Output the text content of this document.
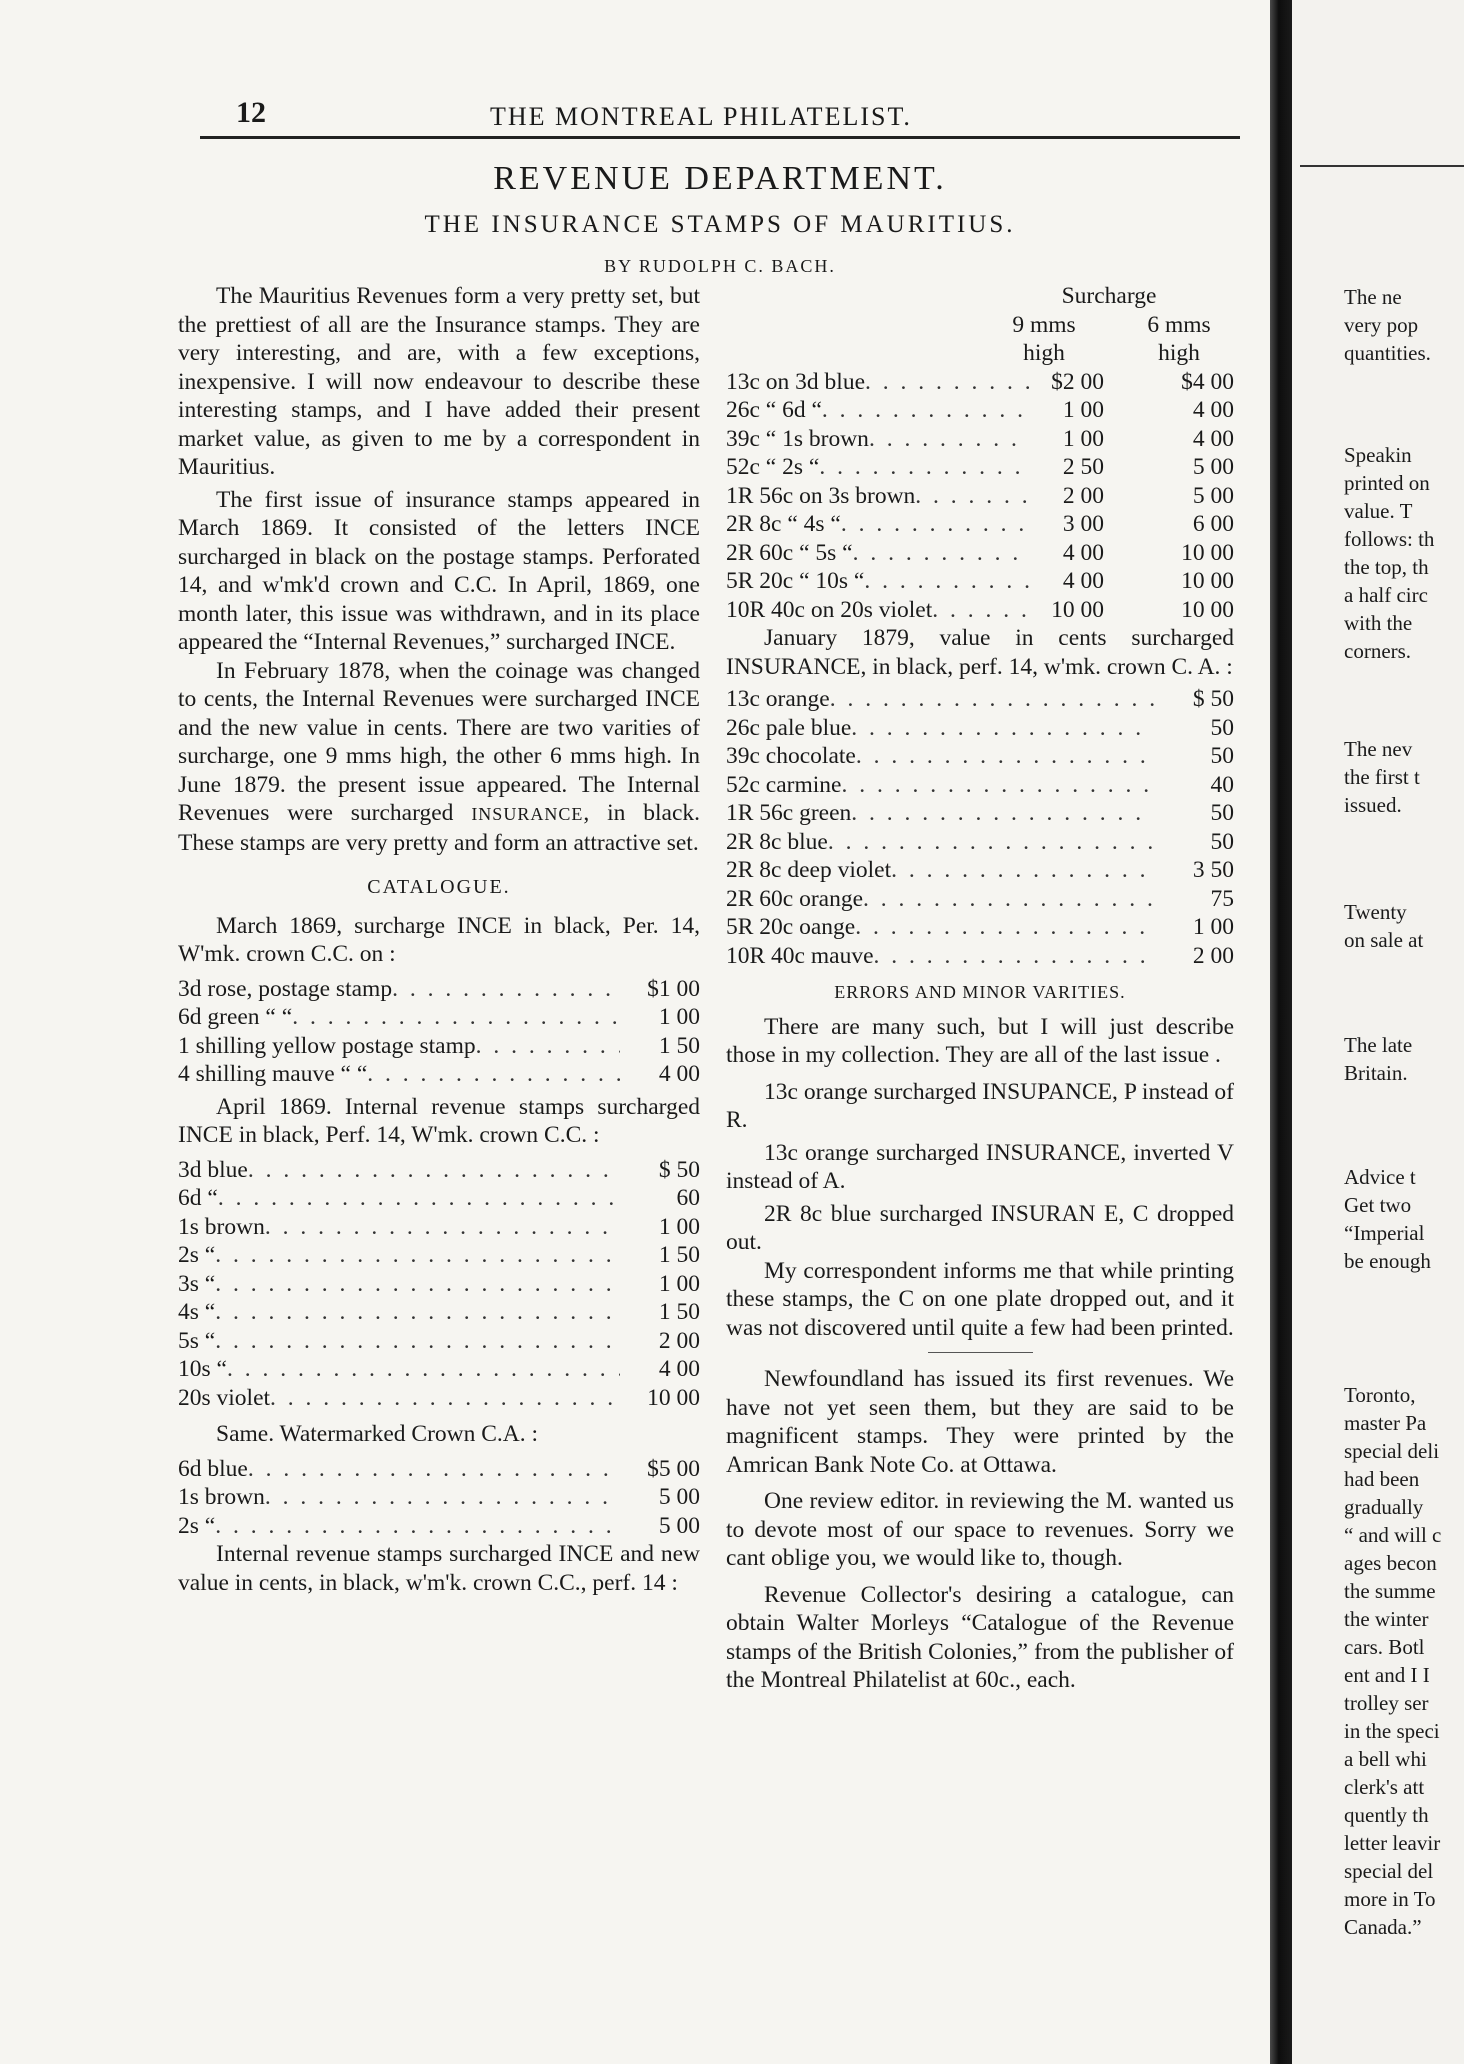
12	THE MONTREAL PHILATELIST.
REVENUE DEPARTMENT.
THE INSURANCE STAMPS OF MAURITIUS.
BY RUDOLPH C. BACH.

The Mauritius Revenues form a very pretty set, but the prettiest of all are the Insurance stamps. They are very interesting, and are, with a few exceptions, inexpensive. I will now endeavour to describe these interesting stamps, and I have added their present market value, as given to me by a correspondent in Mauritius.

The first issue of insurance stamps appeared in March 1869. It consisted of the letters INCE surcharged in black on the postage stamps. Perforated 14, and w'mk'd crown and C.C. In April, 1869, one month later, this issue was withdrawn, and in its place appeared the “Internal Revenues,” surcharged INCE.

In February 1878, when the coinage was changed to cents, the Internal Revenues were surcharged INCE and the new value in cents. There are two varities of surcharge, one 9 mms high, the other 6 mms high. In June 1879. the present issue appeared. The Internal Revenues were surcharged INSURANCE, in black. These stamps are very pretty and form an attractive set.

CATALOGUE.

March 1869, surcharge INCE in black, Per. 14, W'mk. crown C.C. on :

3d rose, postage stamp . . .	$1 00
6d green “ “ . . .	1 00
1 shilling yellow postage stamp . . .	1 50
4 shilling mauve “ “ . . .	4 00

April 1869. Internal revenue stamps surcharged INCE in black, Perf. 14, W'mk. crown C.C. :

3d blue . . .	$ 50
6d “ . . .	60
1s brown . . .	1 00
2s “ . . .	1 50
3s “ . . .	1 00
4s “ . . .	1 50
5s “ . . .	2 00
10s “ . . .	4 00
20s violet . . .	10 00

Same. Watermarked Crown C.A. :

6d blue . . .	$5 00
1s brown . . .	5 00
2s “ . . .	5 00

Internal revenue stamps surcharged INCE and new value in cents, in black, w'm'k. crown C.C., perf. 14 :

Surcharge
9 mms	6 mms
high	high
13c on 3d blue . . .	$2 00	$4 00
26c “ 6d “ . . .	1 00	4 00
39c “ 1s brown . . .	1 00	4 00
52c “ 2s “ . . .	2 50	5 00
1R 56c on 3s brown . . .	2 00	5 00
2R 8c “ 4s “ . . .	3 00	6 00
2R 60c “ 5s “ . . .	4 00	10 00
5R 20c “ 10s “ . . .	4 00	10 00
10R 40c on 20s violet . . .	10 00	10 00

January 1879, value in cents surcharged INSURANCE, in black, perf. 14, w'mk. crown C. A. :

13c orange . . .	$ 50
26c pale blue . . .	50
39c chocolate . . .	50
52c carmine . . .	40
1R 56c green . . .	50
2R 8c blue . . .	50
2R 8c deep violet . . .	3 50
2R 60c orange . . .	75
5R 20c oange . . .	1 00
10R 40c mauve . . .	2 00

ERRORS AND MINOR VARITIES.

There are many such, but I will just describe those in my collection. They are all of the last issue .

13c orange surcharged INSUPANCE, P instead of R.

13c orange surcharged INSURANCE, inverted V instead of A.

2R 8c blue surcharged INSURAN E, C dropped out.

My correspondent informs me that while printing these stamps, the C on one plate dropped out, and it was not discovered until quite a few had been printed.

Newfoundland has issued its first revenues. We have not yet seen them, but they are said to be magnificent stamps. They were printed by the Amrican Bank Note Co. at Ottawa.

One review editor. in reviewing the M. wanted us to devote most of our space to revenues. Sorry we cant oblige you, we would like to, though.

Revenue Collector's desiring a catalogue, can obtain Walter Morleys “Catalogue of the Revenue stamps of the British Colonies,” from the publisher of the Montreal Philatelist at 60c., each.

The ne
very pop
quantities.
Speakin
printed on
value. T
follows: th
the top, th
a half circ
with the
corners.
The nev
the first t
issued.
Twenty
on sale at
The late
Britain.
Advice t
Get two
“Imperial
be enough
Toronto,
master Pa
special deli
had been
gradually
“ and will c
ages becon
the summe
the winter
cars. Botl
ent and I I
trolley ser
in the speci
a bell whi
clerk's att
quently th
letter leavir
special del
more in To
Canada.”
